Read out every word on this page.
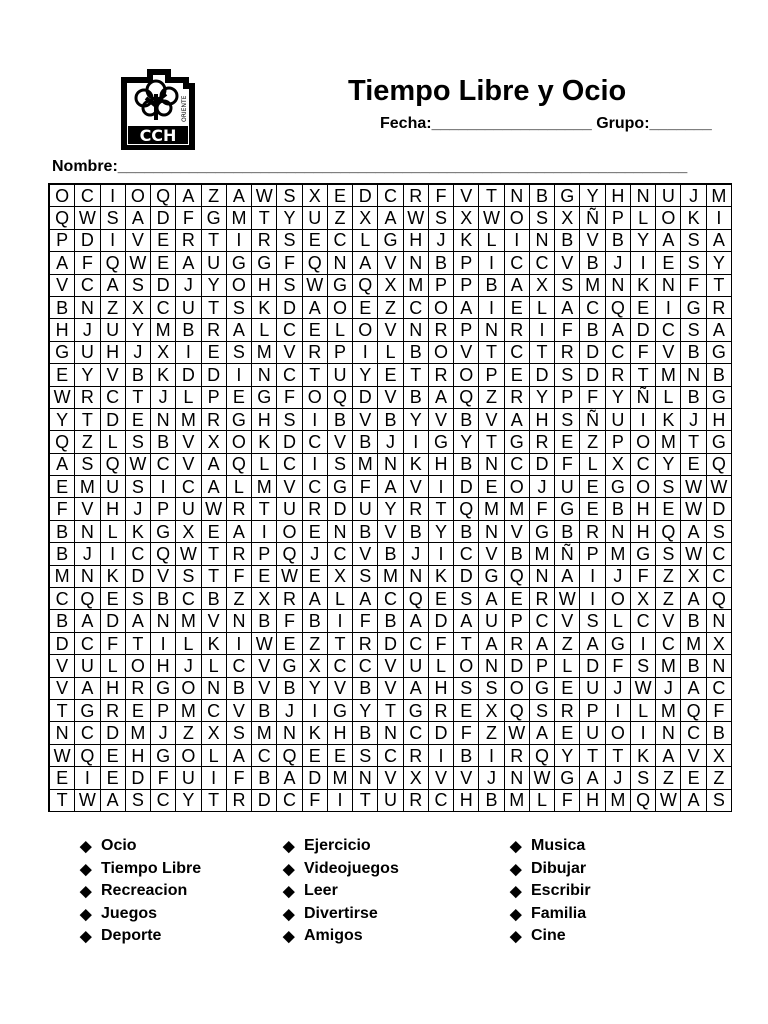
CCH
ORIENTE
Tiempo Libre y Ocio
Fecha:__________________ Grupo:_______
Nombre:________________________________________________________________
O C I O Q A Z A W S X E D C R F V T N B G Y H N U J M
Q W S A D F G M T Y U Z X A W S X W O S X Ñ P L O K I
P D I V E R T I R S E C L G H J K L I N B V B Y A S A
A F Q W E A U G G F Q N A V N B P I C C V B J	I E S Y
V C A S D J Y O H S W G Q X M P P B A X S M N K N F T
B N Z X C U T S K D A O E Z C O A I E L A C Q E I G R
H J U Y M B R A L C E L O V N R P N R I F B A D C S A
G U H J X I E S M V R P I L B O V T C T R D C F V B G
E Y V B K D D I N C T U Y E T R O P E D S D R T M N B
W R C T J L P E G F O Q D V B A Q Z R Y P F Y Ñ L B G
Y T D E N M R G H S I B V B Y V B V A H S Ñ U I K J H
Q Z L S B V X O K D C V B J	I G Y T G R E Z P O M T G
A S Q W C V A Q L C I S M N K H B N C D F L X C Y E Q
E M U S I C A L M V C G F A V I D E O J U E G O S W W
F V H J P U W R T U R D U Y R T Q M M F G E B H E W D
B N L K G X E A I O E N B V B Y B N V G B R N H Q A S
B J	I C Q W T R P Q J C V B J	I C V B M Ñ P M G S W C
M N K D V S T F E W E X S M N K D G Q N A I	J F Z X C
C Q E S B C B Z X R A L A C Q E S A E R W I O X Z A Q
B A D A N M V N B F B I F B A D A U P C V S L C V B N
D C F T I L K I W E Z T R D C F T A R A Z A G I C M X
V U L O H J L C V G X C C V U L O N D P L D F S M B N
V A H R G O N B V B Y V B V A H S S O G E U J W J A C
T G R E P M C V B J	I G Y T G R E X Q S R P I L M Q F
N C D M J Z X S M N K H B N C D F Z W A E U O I N C B
W Q E H G O L A C Q E E S C R I B I R Q Y T T K A V X
E I E D F U I F B A D M N V X V V J N W G A J S Z E Z
T W A S C Y T R D C F I T U R C H B M L F H M Q W A S
◆ Ocio
◆ Tiempo Libre
◆ Recreacion
◆ Juegos
◆ Deporte
◆ Ejercicio
◆ Videojuegos
◆ Leer
◆ Divertirse
◆ Amigos
◆ Musica
◆ Dibujar
◆ Escribir
◆ Familia
◆ Cine
